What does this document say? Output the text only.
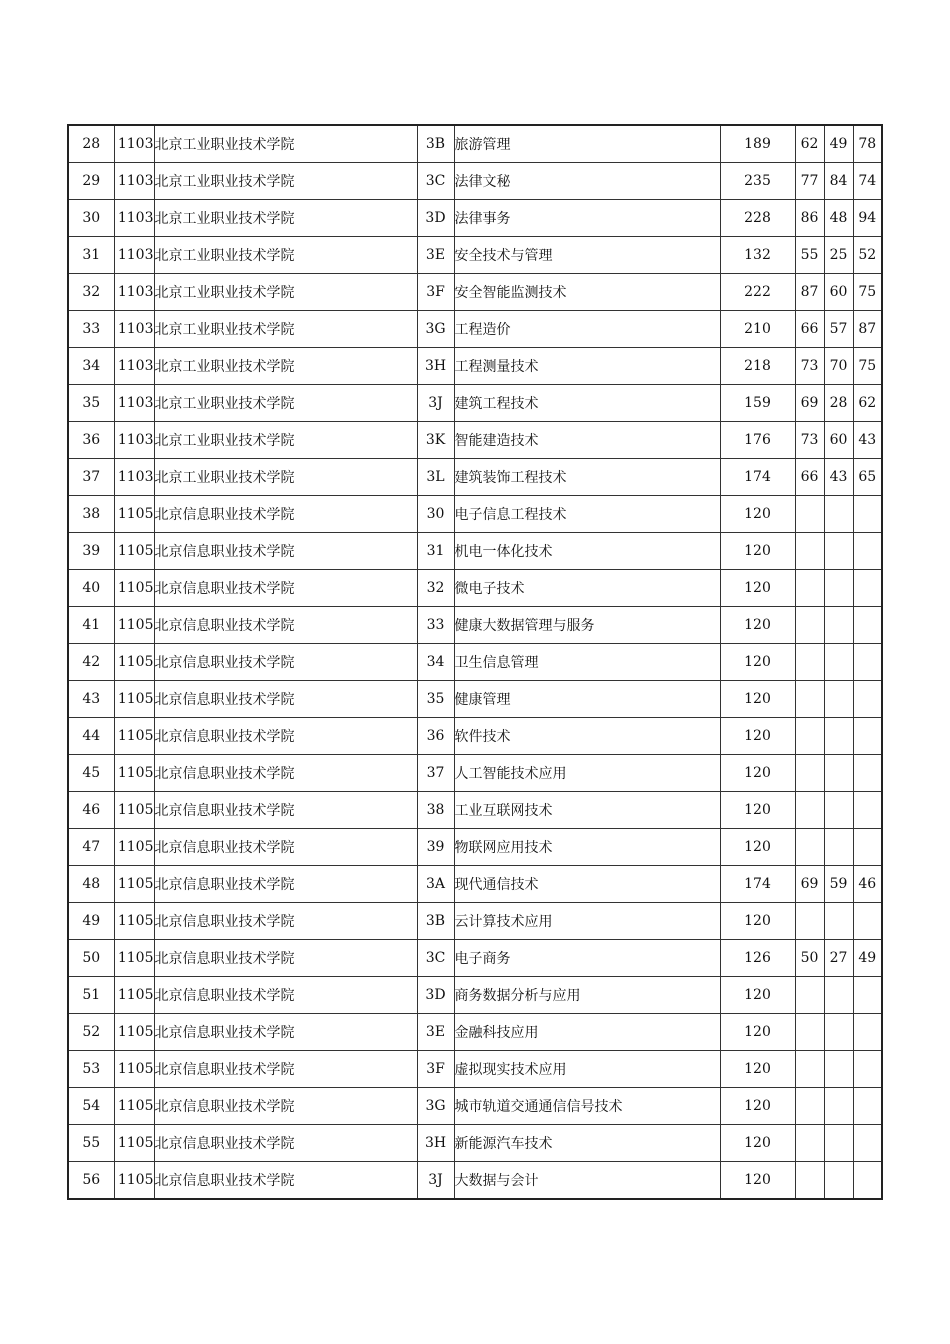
28	1103	北京工业职业技术学院	3B	旅游管理	189	62	49	78
29	1103	北京工业职业技术学院	3C	法律文秘	235	77	84	74
30	1103	北京工业职业技术学院	3D	法律事务	228	86	48	94
31	1103	北京工业职业技术学院	3E	安全技术与管理	132	55	25	52
32	1103	北京工业职业技术学院	3F	安全智能监测技术	222	87	60	75
33	1103	北京工业职业技术学院	3G	工程造价	210	66	57	87
34	1103	北京工业职业技术学院	3H	工程测量技术	218	73	70	75
35	1103	北京工业职业技术学院	3J	建筑工程技术	159	69	28	62
36	1103	北京工业职业技术学院	3K	智能建造技术	176	73	60	43
37	1103	北京工业职业技术学院	3L	建筑装饰工程技术	174	66	43	65
38	1105	北京信息职业技术学院	30	电子信息工程技术	120			
39	1105	北京信息职业技术学院	31	机电一体化技术	120			
40	1105	北京信息职业技术学院	32	微电子技术	120			
41	1105	北京信息职业技术学院	33	健康大数据管理与服务	120			
42	1105	北京信息职业技术学院	34	卫生信息管理	120			
43	1105	北京信息职业技术学院	35	健康管理	120			
44	1105	北京信息职业技术学院	36	软件技术	120			
45	1105	北京信息职业技术学院	37	人工智能技术应用	120			
46	1105	北京信息职业技术学院	38	工业互联网技术	120			
47	1105	北京信息职业技术学院	39	物联网应用技术	120			
48	1105	北京信息职业技术学院	3A	现代通信技术	174	69	59	46
49	1105	北京信息职业技术学院	3B	云计算技术应用	120			
50	1105	北京信息职业技术学院	3C	电子商务	126	50	27	49
51	1105	北京信息职业技术学院	3D	商务数据分析与应用	120			
52	1105	北京信息职业技术学院	3E	金融科技应用	120			
53	1105	北京信息职业技术学院	3F	虚拟现实技术应用	120			
54	1105	北京信息职业技术学院	3G	城市轨道交通通信信号技术	120			
55	1105	北京信息职业技术学院	3H	新能源汽车技术	120			
56	1105	北京信息职业技术学院	3J	大数据与会计	120			
